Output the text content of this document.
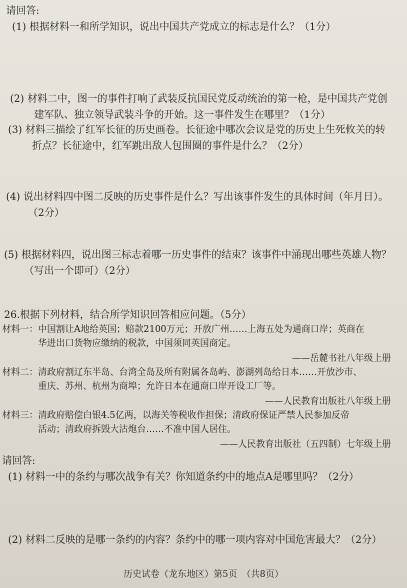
请回答:
(1) 根据材料一和所学知识，说出中国共产党成立的标志是什么？（1分）
(2) 材料二中，图一的事件打响了武装反抗国民党反动统治的第一枪，是中国共产党创
建军队、独立领导武装斗争的开始。这一事件发生在哪里？（1分）
(3) 材料三描绘了红军长征的历史画卷。长征途中哪次会议是党的历史上生死攸关的转
折点？长征途中，红军跳出敌人包围圈的事件是什么？（2分）
(4) 说出材料四中图二反映的历史事件是什么？写出该事件发生的具体时间（年月日）。
（2分）
(5) 根据材料四，说出图三标志着哪一历史事件的结束？该事件中涌现出哪些英雄人物？
（写出一个即可）（2分）
26.根据下列材料，结合所学知识回答相应问题。（5分）
材料一：中国割让A地给英国；赔款2100万元；开放广州……上海五处为通商口岸；英商在
华进出口货物应缴纳的税款，中国须同英国商定。
——岳麓书社八年级上册
材料二：清政府割辽东半岛、台湾全岛及所有附属各岛屿、澎湖列岛给日本……开放沙市、
重庆、苏州、杭州为商埠；允许日本在通商口岸开设工厂等。
——人民教育出版社八年级上册
材料三：清政府赔偿白银4.5亿两，以海关等税收作担保；清政府保证严禁人民参加反帝
活动；清政府拆毁大沽炮台……不准中国人居住。
——人民教育出版社（五四制）七年级上册
请回答:
(1) 材料一中的条约与哪次战争有关？你知道条约中的地点A是哪里吗？（2分）
(2) 材料二反映的是哪一条约的内容？条约中的哪一项内容对中国危害最大？（2分）
历史试卷（龙东地区）第5页　（共8页）
